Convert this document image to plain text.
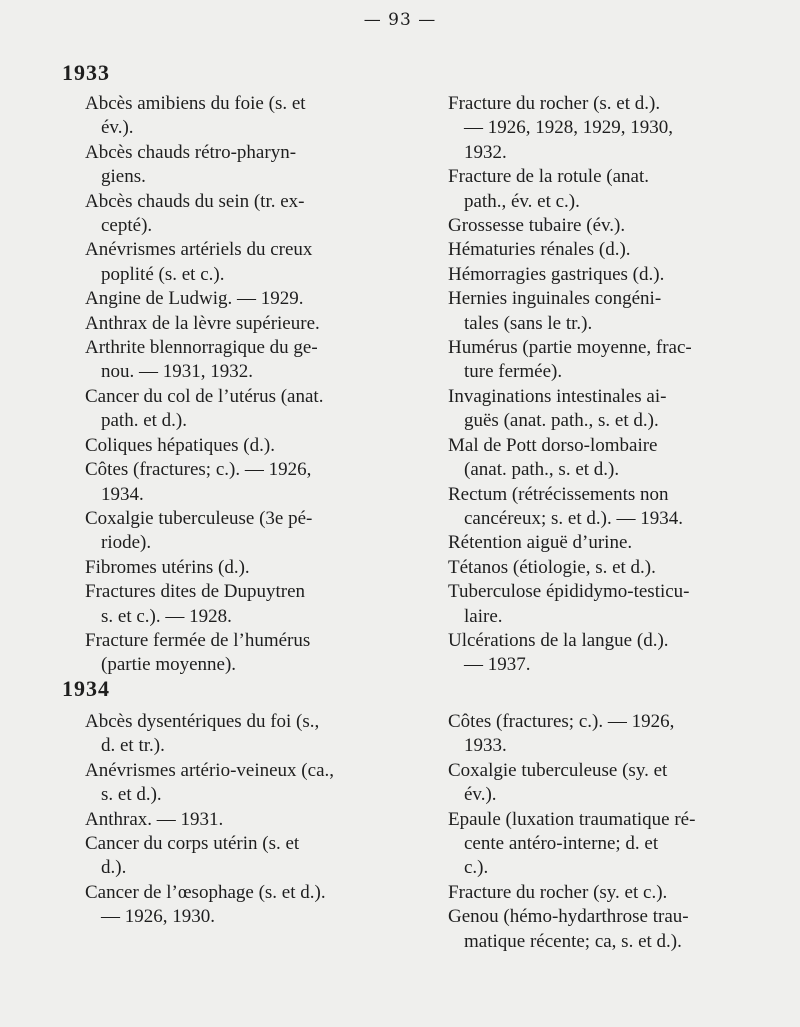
— 93 —
1933

Abcès amibiens du foie (s. et
év.).

Abcès chauds rétro-pharyn-
giens.

Abcès chauds du sein (tr. ex-
cepté).

Anévrismes artériels du creux
poplité (s. et c.).

Angine de Ludwig. — 1929.

Anthrax de la lèvre supérieure.

Arthrite blennorragique du ge-
nou. — 1931, 1932.

Cancer du col de l’utérus (anat.
path. et d.).

Coliques hépatiques (d.).

Côtes (fractures; c.). — 1926,
1934.

Coxalgie tuberculeuse (3e pé-
riode).

Fibromes utérins (d.).

Fractures dites de Dupuytren
s. et c.). — 1928.

Fracture fermée de l’humérus
(partie moyenne).

Fracture du rocher (s. et d.).
— 1926, 1928, 1929, 1930,
1932.

Fracture de la rotule (anat.
path., év. et c.).

Grossesse tubaire (év.).

Hématuries rénales (d.).

Hémorragies gastriques (d.).

Hernies inguinales congéni-
tales (sans le tr.).

Humérus (partie moyenne, frac-
ture fermée).

Invaginations intestinales ai-
guës (anat. path., s. et d.).

Mal de Pott dorso-lombaire
(anat. path., s. et d.).

Rectum (rétrécissements non
cancéreux; s. et d.). — 1934.

Rétention aiguë d’urine.

Tétanos (étiologie, s. et d.).

Tuberculose épididymo-testicu-
laire.

Ulcérations de la langue (d.).
— 1937.

1934

Abcès dysentériques du foi (s.,
d. et tr.).

Anévrismes artério-veineux (ca.,
s. et d.).

Anthrax. — 1931.

Cancer du corps utérin (s. et
d.).

Cancer de l’œsophage (s. et d.).
— 1926, 1930.

Côtes (fractures; c.). — 1926,
1933.

Coxalgie tuberculeuse (sy. et
év.).

Epaule (luxation traumatique ré-
cente antéro-interne; d. et
c.).

Fracture du rocher (sy. et c.).

Genou (hémo-hydarthrose trau-
matique récente; ca, s. et d.).
